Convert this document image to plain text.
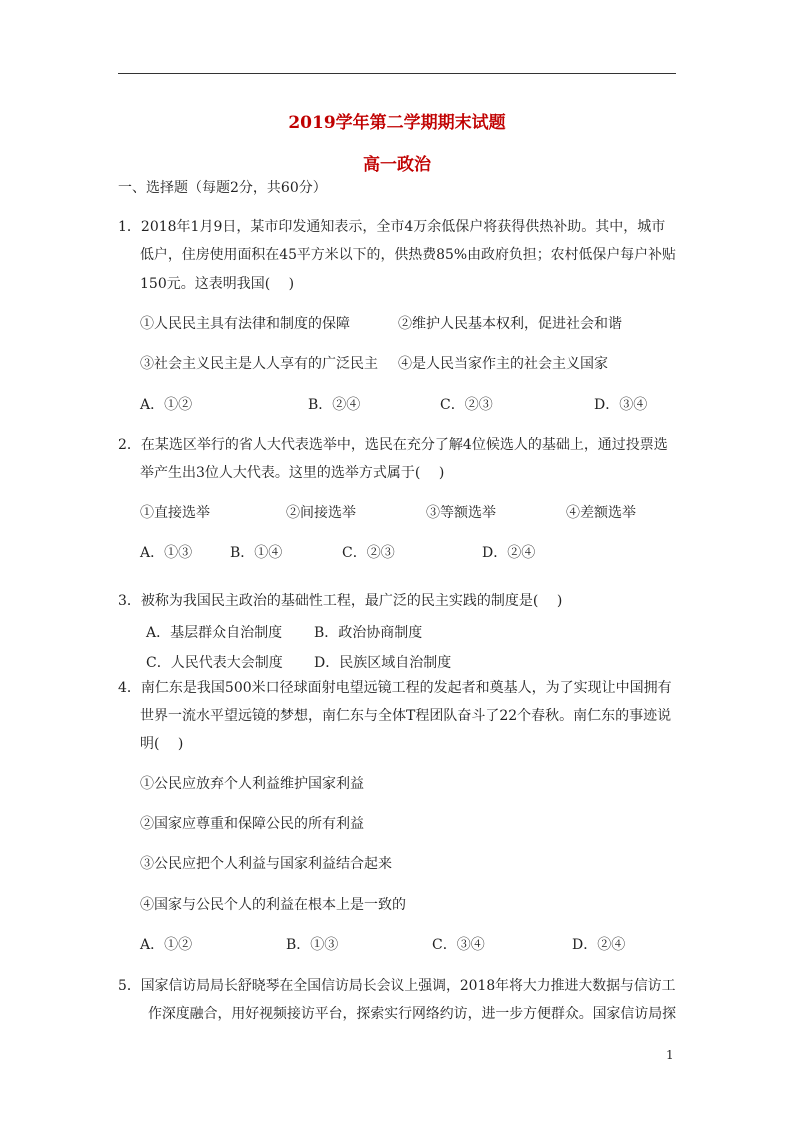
2019学年第二学期期末试题
高一政治
一、选择题（每题2分，共60分）
1．2018年1月9日，某市印发通知表示，全市4万余低保户将获得供热补助。其中，城市
低户，住房使用面积在45平方米以下的，供热费85%由政府负担；农村低保户每户补贴
150元。这表明我国(　 )
①人民民主具有法律和制度的保障	②维护人民基本权利，促进社会和谐
③社会主义民主是人人享有的广泛民主 ④是人民当家作主的社会主义国家
A．①②	B．②④	C．②③	D．③④
2．在某选区举行的省人大代表选举中，选民在充分了解4位候选人的基础上，通过投票选
举产生出3位人大代表。这里的选举方式属于(　 )
①直接选举	②间接选举	③等额选举	④差额选举
A．①③	B．①④	C．②③	D．②④
3．被称为我国民主政治的基础性工程，最广泛的民主实践的制度是(　 )
A．基层群众自治制度 B．政治协商制度
C．人民代表大会制度 D．民族区域自治制度
4．南仁东是我国500米口径球面射电望远镜工程的发起者和奠基人，为了实现让中国拥有
世界一流水平望远镜的梦想，南仁东与全体T程团队奋斗了22个春秋。南仁东的事迹说
明(　 )
①公民应放弃个人利益维护国家利益
②国家应尊重和保障公民的所有利益
③公民应把个人利益与国家利益结合起来
④国家与公民个人的利益在根本上是一致的
A．①②	B．①③	C．③④	D．②④
5．国家信访局局长舒晓琴在全国信访局长会议上强调，2018年将大力推进大数据与信访工
作深度融合，用好视频接访平台，探索实行网络约访，进一步方便群众。国家信访局探
1
